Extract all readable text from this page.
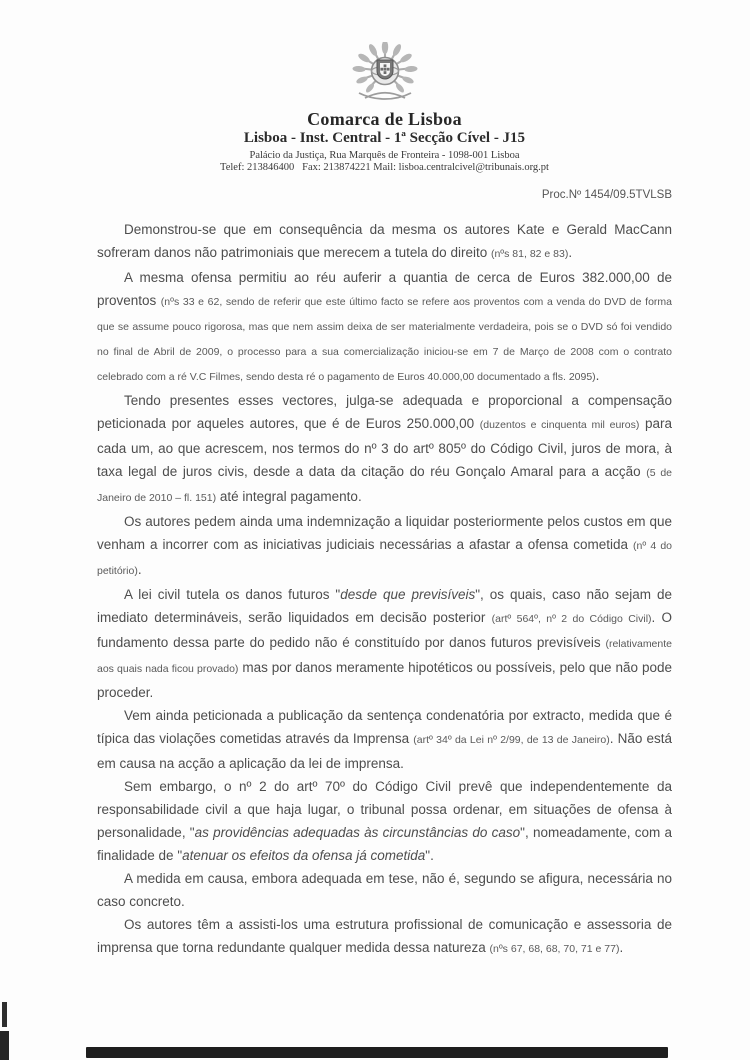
Comarca de Lisboa
Lisboa - Inst. Central - 1ª Secção Cível - J15
Palácio da Justiça, Rua Marquês de Fronteira - 1098-001 Lisboa
Telef: 213846400   Fax: 213874221 Mail: lisboa.centralcivel@tribunais.org.pt
Proc.Nº 1454/09.5TVLSB

Demonstrou-se que em consequência da mesma os autores Kate e Gerald MacCann sofreram danos não patrimoniais que merecem a tutela do direito (nºs 81, 82 e 83).

A mesma ofensa permitiu ao réu auferir a quantia de cerca de Euros 382.000,00 de proventos (nºs 33 e 62, sendo de referir que este último facto se refere aos proventos com a venda do DVD de forma que se assume pouco rigorosa, mas que nem assim deixa de ser materialmente verdadeira, pois se o DVD só foi vendido no final de Abril de 2009, o processo para a sua comercialização iniciou-se em 7 de Março de 2008 com o contrato celebrado com a ré V.C Filmes, sendo desta ré o pagamento de Euros 40.000,00 documentado a fls. 2095).

Tendo presentes esses vectores, julga-se adequada e proporcional a compensação peticionada por aqueles autores, que é de Euros 250.000,00 (duzentos e cinquenta mil euros) para cada um, ao que acrescem, nos termos do nº 3 do artº 805º do Código Civil, juros de mora, à taxa legal de juros civis, desde a data da citação do réu Gonçalo Amaral para a acção (5 de Janeiro de 2010 – fl. 151) até integral pagamento.

Os autores pedem ainda uma indemnização a liquidar posteriormente pelos custos em que venham a incorrer com as iniciativas judiciais necessárias a afastar a ofensa cometida (nº 4 do petitório).

A lei civil tutela os danos futuros "desde que previsíveis", os quais, caso não sejam de imediato determináveis, serão liquidados em decisão posterior (artº 564º, nº 2 do Código Civil). O fundamento dessa parte do pedido não é constituído por danos futuros previsíveis (relativamente aos quais nada ficou provado) mas por danos meramente hipotéticos ou possíveis, pelo que não pode proceder.

Vem ainda peticionada a publicação da sentença condenatória por extracto, medida que é típica das violações cometidas através da Imprensa (artº 34º da Lei nº 2/99, de 13 de Janeiro). Não está em causa na acção a aplicação da lei de imprensa.

Sem embargo, o nº 2 do artº 70º do Código Civil prevê que independentemente da responsabilidade civil a que haja lugar, o tribunal possa ordenar, em situações de ofensa à personalidade, "as providências adequadas às circunstâncias do caso", nomeadamente, com a finalidade de "atenuar os efeitos da ofensa já cometida".

A medida em causa, embora adequada em tese, não é, segundo se afigura, necessária no caso concreto.

Os autores têm a assisti-los uma estrutura profissional de comunicação e assessoria de imprensa que torna redundante qualquer medida dessa natureza (nºs 67, 68, 68, 70, 71 e 77).
